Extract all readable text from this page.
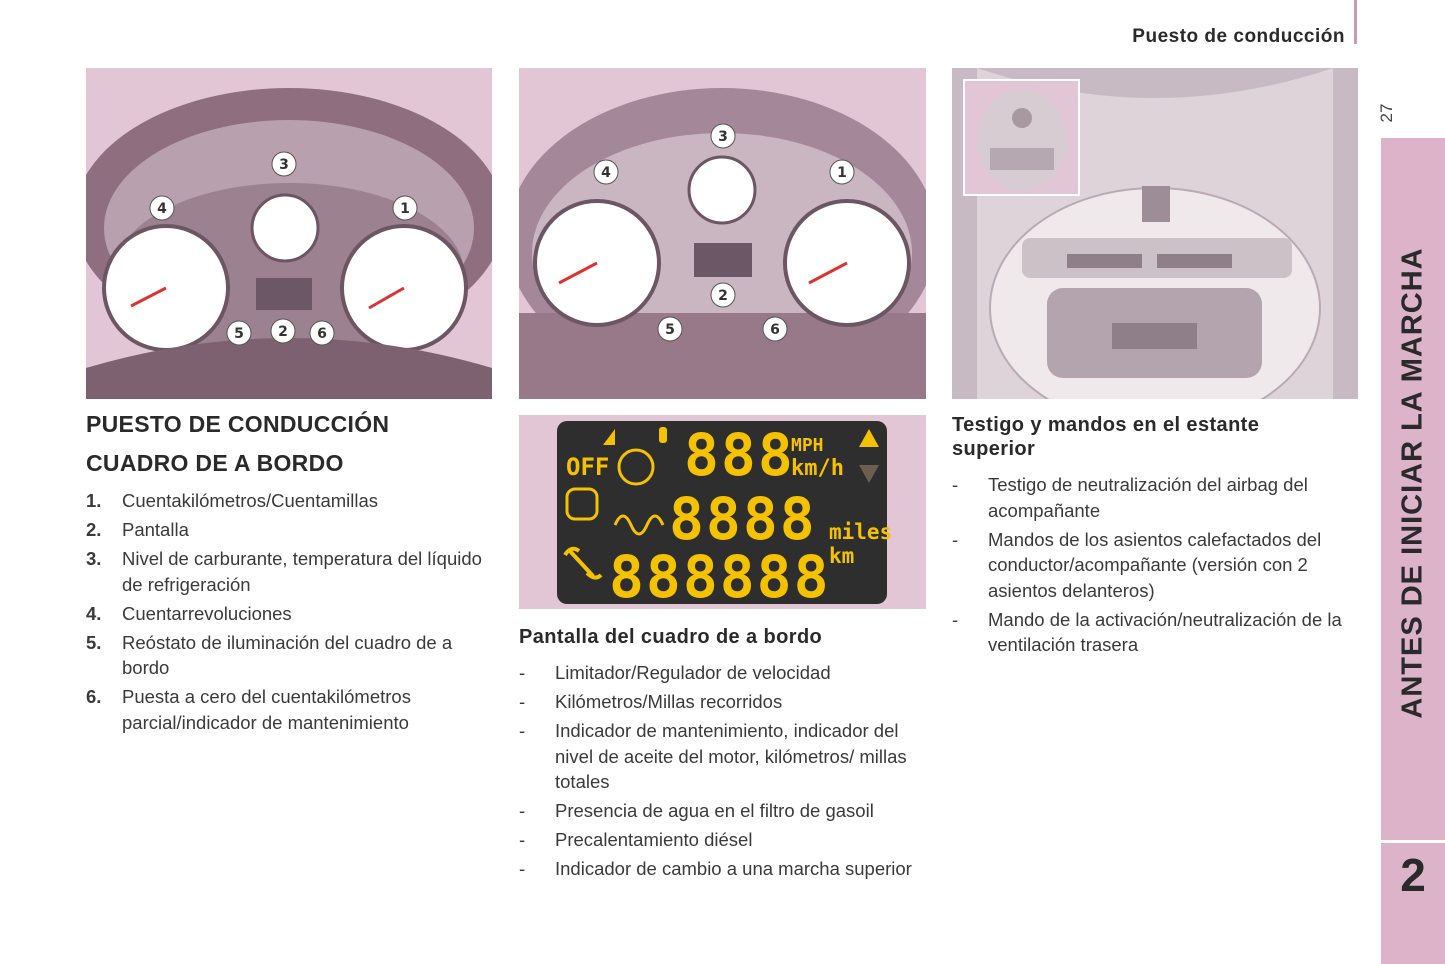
Puesto de conducción
27
ANTES DE INICIAR LA MARCHA
2
1
2
3
4
5	6
1
2
3
4
5	6
OFF 888
MPH
km/h
8888 miles
888888
km
PUESTO DE CONDUCCIÓN
CUADRO DE A BORDO
1. Cuentakilómetros/Cuentamillas
2. Pantalla
3. Nivel de carburante, temperatura del líquido de refrigeración
4. Cuentarrevoluciones
5. Reóstato de iluminación del cuadro de a bordo
6. Puesta a cero del cuentakilómetros parcial/indicador de mantenimiento
Pantalla del cuadro de a bordo
- Limitador/Regulador de velocidad
- Kilómetros/Millas recorridos
- Indicador de mantenimiento, indicador del nivel de aceite del motor, kilómetros/ millas totales
- Presencia de agua en el filtro de gasoil
- Precalentamiento diésel
- Indicador de cambio a una marcha superior
Testigo y mandos en el estante superior
- Testigo de neutralización del airbag del acompañante
- Mandos de los asientos calefactados del conductor/acompañante (versión con 2 asientos delanteros)
- Mando de la activación/neutralización de la ventilación trasera
